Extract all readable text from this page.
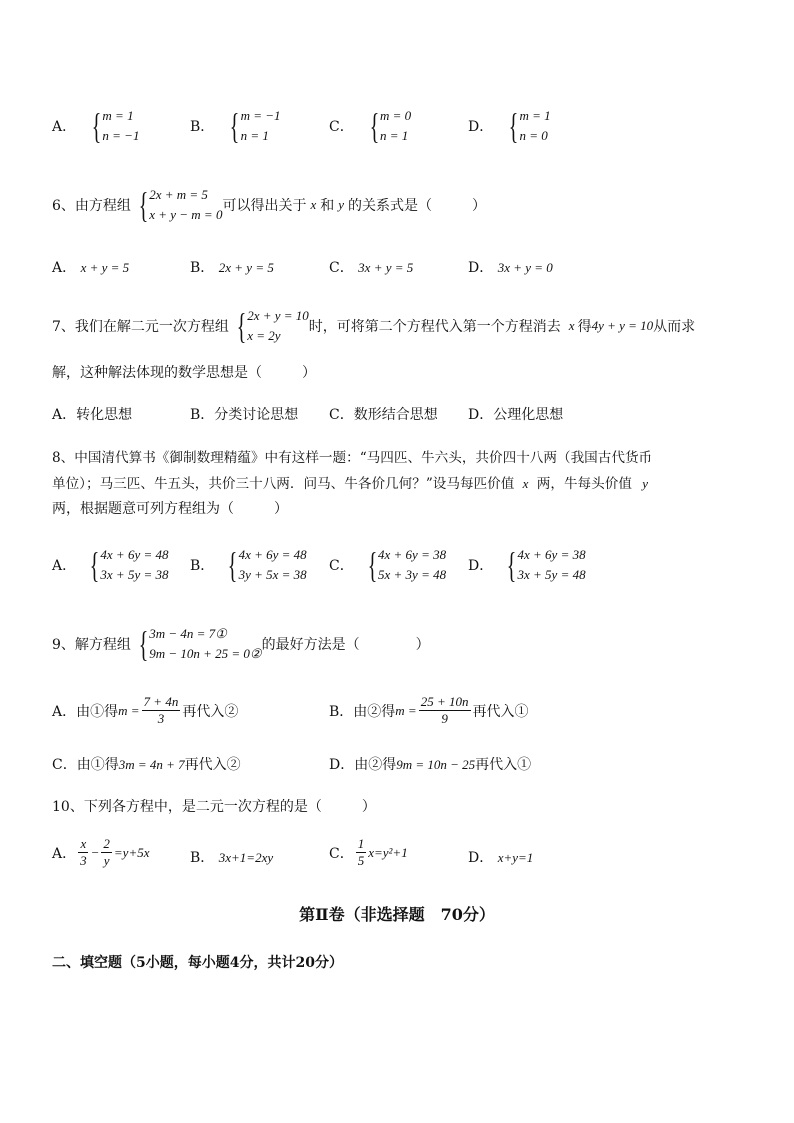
A． { m = 1
n = −1
B． { m = −1
n = 1
C． { m = 0
n = 1
D． { m = 1
n = 0
6、由方程组 { 2x + m = 5
x + y − m = 0
可以得出关于 x 和 y 的关系式是（	）
A． x + y = 5	B． 2x + y = 5	C． 3x + y = 5	D． 3x + y = 0
7、我们在解二元一次方程组 { 2x + y = 10
x = 2y
时，可将第二个方程代入第一个方程消去 x 得 4y + y = 10 从而求
解，这种解法体现的数学思想是（	）
A．转化思想	B．分类讨论思想 C．数形结合思想 D．公理化思想
8、中国清代算书《御制数理精蕴》中有这样一题：“马四匹、牛六头，共价四十八两（我国古代货币
单位）；马三匹、牛五头，共价三十八两．问马、牛各价几何？”设马每匹价值 x 两，牛每头价值 y
两，根据题意可列方程组为（	）
A． { 4x + 6y = 48
3x + 5y = 38
B． { 4x + 6y = 48
3y + 5x = 38
C． { 4x + 6y = 38
5x + 3y = 48
D． { 4x + 6y = 38
3x + 5y = 48
9、解方程组 { 3m − 4n = 7①
9m − 10n + 25 = 0②
的最好方法是（	）
A．由①得 $m = \frac{7 + 4n}{3}$ 再代入②	B．由②得 $m = \frac{25 + 10n}{9}$ 再代入①
C．由①得3m = 4n + 7再代入②	D．由②得9m = 10n − 25再代入①
10、下列各方程中，是二元一次方程的是（	）
A． $\frac{x}{3} - \frac{2}{y} =y+5x$	B． 3x+1=2xy	C． $\frac{1}{5} x=y^2+1$	D． x+y=1
第Ⅱ卷（非选择题　70分）
二、填空题（5小题，每小题4分，共计20分）
